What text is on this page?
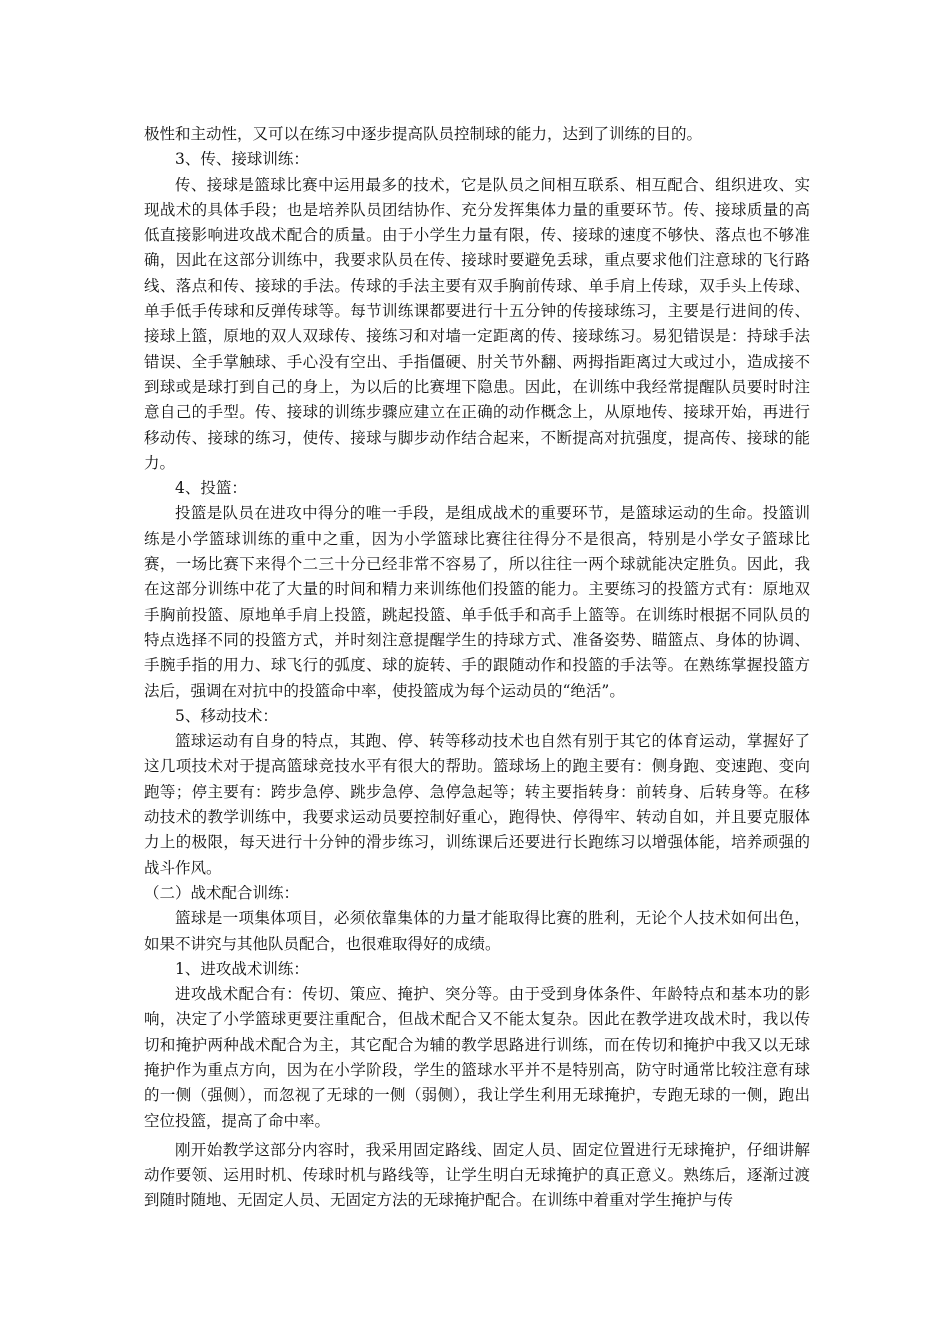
极性和主动性，又可以在练习中逐步提高队员控制球的能力，达到了训练的目的。

3、传、接球训练：

传、接球是篮球比赛中运用最多的技术，它是队员之间相互联系、相互配合、组织进攻、实现战术的具体手段；也是培养队员团结协作、充分发挥集体力量的重要环节。传、接球质量的高低直接影响进攻战术配合的质量。由于小学生力量有限，传、接球的速度不够快、落点也不够准确，因此在这部分训练中，我要求队员在传、接球时要避免丢球，重点要求他们注意球的飞行路线、落点和传、接球的手法。传球的手法主要有双手胸前传球、单手肩上传球，双手头上传球、单手低手传球和反弹传球等。每节训练课都要进行十五分钟的传接球练习，主要是行进间的传、接球上篮，原地的双人双球传、接练习和对墙一定距离的传、接球练习。易犯错误是：持球手法错误、全手掌触球、手心没有空出、手指僵硬、肘关节外翻、两拇指距离过大或过小，造成接不到球或是球打到自己的身上，为以后的比赛埋下隐患。因此，在训练中我经常提醒队员要时时注意自己的手型。传、接球的训练步骤应建立在正确的动作概念上，从原地传、接球开始，再进行移动传、接球的练习，使传、接球与脚步动作结合起来，不断提高对抗强度，提高传、接球的能力。

4、投篮：

投篮是队员在进攻中得分的唯一手段，是组成战术的重要环节，是篮球运动的生命。投篮训练是小学篮球训练的重中之重，因为小学篮球比赛往往得分不是很高，特别是小学女子篮球比赛，一场比赛下来得个二三十分已经非常不容易了，所以往往一两个球就能决定胜负。因此，我在这部分训练中花了大量的时间和精力来训练他们投篮的能力。主要练习的投篮方式有：原地双手胸前投篮、原地单手肩上投篮，跳起投篮、单手低手和高手上篮等。在训练时根据不同队员的特点选择不同的投篮方式，并时刻注意提醒学生的持球方式、准备姿势、瞄篮点、身体的协调、手腕手指的用力、球飞行的弧度、球的旋转、手的跟随动作和投篮的手法等。在熟练掌握投篮方法后，强调在对抗中的投篮命中率，使投篮成为每个运动员的“绝活”。

5、移动技术：

篮球运动有自身的特点，其跑、停、转等移动技术也自然有别于其它的体育运动，掌握好了这几项技术对于提高篮球竞技水平有很大的帮助。篮球场上的跑主要有：侧身跑、变速跑、变向跑等；停主要有：跨步急停、跳步急停、急停急起等；转主要指转身：前转身、后转身等。在移动技术的教学训练中，我要求运动员要控制好重心，跑得快、停得牢、转动自如，并且要克服体力上的极限，每天进行十分钟的滑步练习，训练课后还要进行长跑练习以增强体能，培养顽强的战斗作风。

（二）战术配合训练：

篮球是一项集体项目，必须依靠集体的力量才能取得比赛的胜利，无论个人技术如何出色，如果不讲究与其他队员配合，也很难取得好的成绩。

1、进攻战术训练：

进攻战术配合有：传切、策应、掩护、突分等。由于受到身体条件、年龄特点和基本功的影响，决定了小学篮球更要注重配合，但战术配合又不能太复杂。因此在教学进攻战术时，我以传切和掩护两种战术配合为主，其它配合为辅的教学思路进行训练，而在传切和掩护中我又以无球掩护作为重点方向，因为在小学阶段，学生的篮球水平并不是特别高，防守时通常比较注意有球的一侧（强侧），而忽视了无球的一侧（弱侧），我让学生利用无球掩护，专跑无球的一侧，跑出空位投篮，提高了命中率。

刚开始教学这部分内容时，我采用固定路线、固定人员、固定位置进行无球掩护，仔细讲解动作要领、运用时机、传球时机与路线等，让学生明白无球掩护的真正意义。熟练后，逐渐过渡到随时随地、无固定人员、无固定方法的无球掩护配合。在训练中着重对学生掩护与传
